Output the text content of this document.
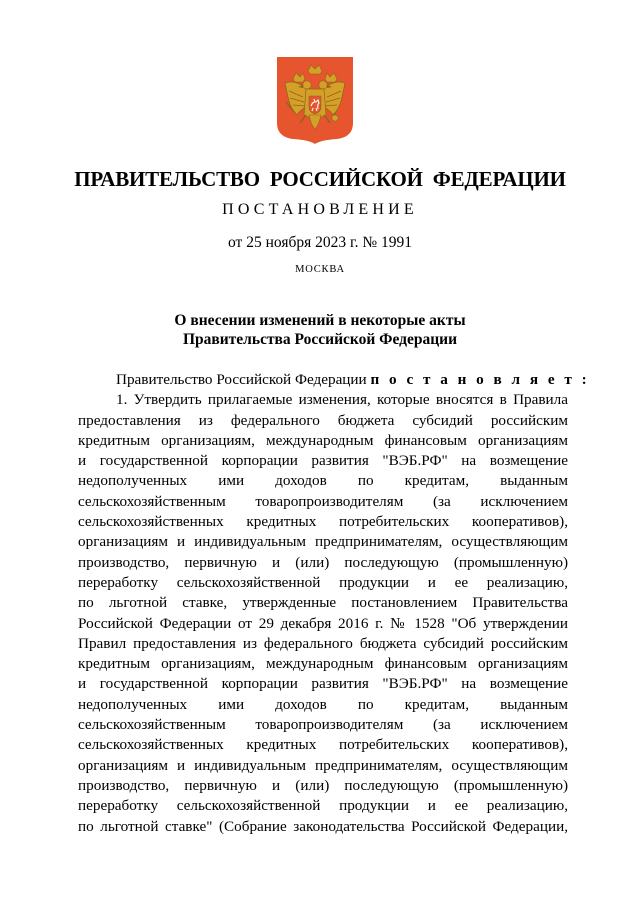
ПРАВИТЕЛЬСТВО РОССИЙСКОЙ ФЕДЕРАЦИИ
ПОСТАНОВЛЕНИЕ
от 25 ноября 2023 г. № 1991
МОСКВА
О внесении изменений в некоторые акты
Правительства Российской Федерации
Правительство Российской Федерации п о с т а н о в л я е т :
1. Утвердить прилагаемые изменения, которые вносятся в Правила
предоставления из федерального бюджета субсидий российским
кредитным организациям, международным финансовым организациям
и государственной корпорации развития "ВЭБ.РФ" на возмещение
недополученных ими доходов по кредитам, выданным
сельскохозяйственным товаропроизводителям (за исключением
сельскохозяйственных кредитных потребительских кооперативов),
организациям и индивидуальным предпринимателям, осуществляющим
производство, первичную и (или) последующую (промышленную)
переработку сельскохозяйственной продукции и ее реализацию,
по льготной ставке, утвержденные постановлением Правительства
Российской Федерации от 29 декабря 2016 г. № 1528 "Об утверждении
Правил предоставления из федерального бюджета субсидий российским
кредитным организациям, международным финансовым организациям
и государственной корпорации развития "ВЭБ.РФ" на возмещение
недополученных ими доходов по кредитам, выданным
сельскохозяйственным товаропроизводителям (за исключением
сельскохозяйственных кредитных потребительских кооперативов),
организациям и индивидуальным предпринимателям, осуществляющим
производство, первичную и (или) последующую (промышленную)
переработку сельскохозяйственной продукции и ее реализацию,
по льготной ставке" (Собрание законодательства Российской Федерации,
